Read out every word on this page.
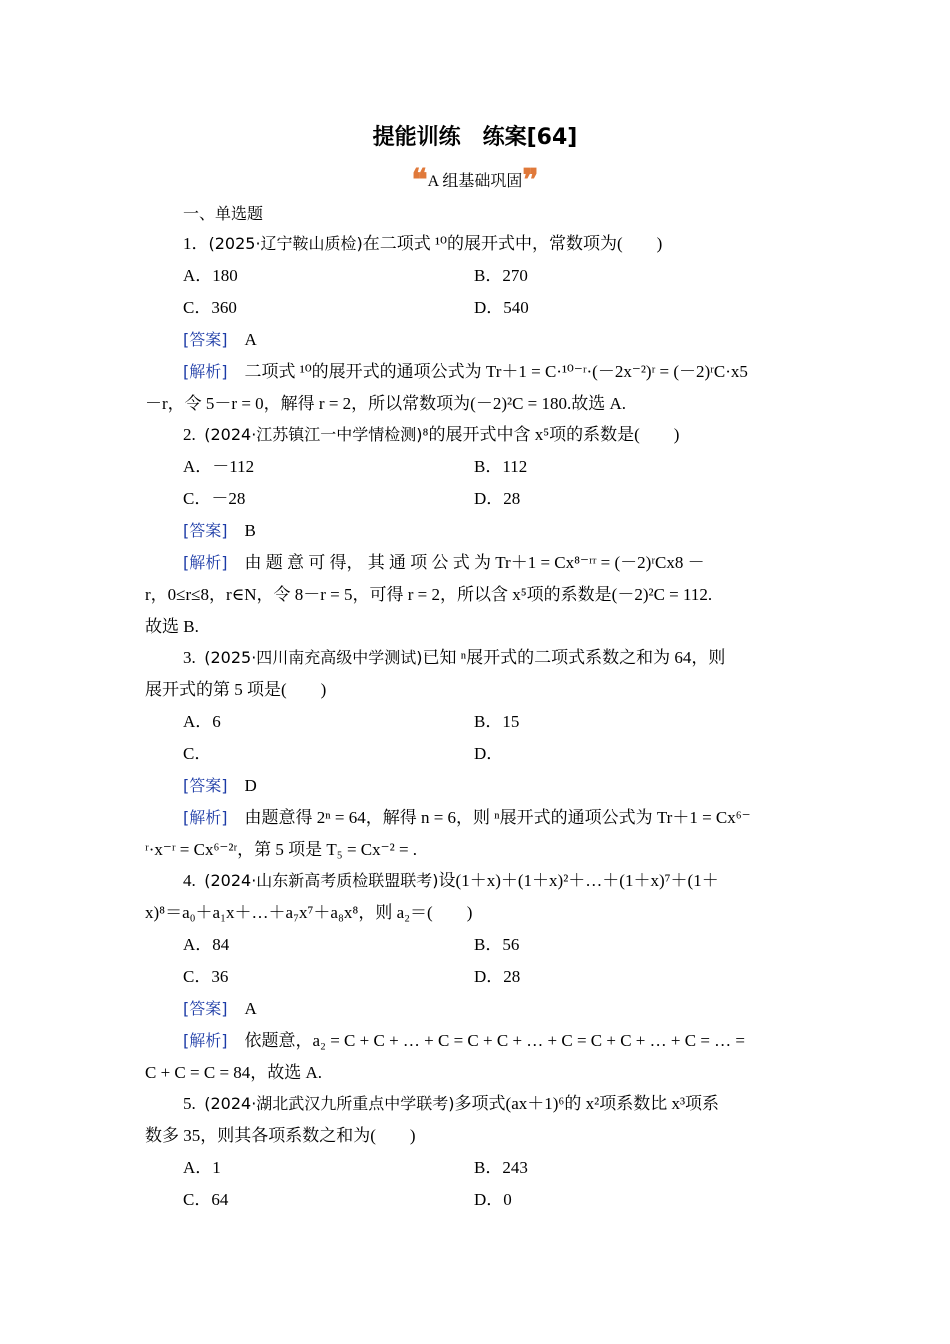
提能训练　练案[64]
❝A 组基础巩固❞
一、单选题
1．(2025·辽宁鞍山质检)在二项式 ¹⁰的展开式中，常数项为(　　)
A．180	B．270
C．360	D．540
[答案]　 A
[解析]　 二项式 ¹⁰的展开式的通项公式为 Tr＋1 = C·¹⁰⁻ʳ·(－2x⁻²)ʳ = (－2)ʳC·x5
－r，令 5－r = 0，解得 r = 2，所以常数项为(－2)²C = 180.故选 A.
2. (2024·江苏镇江一中学情检测)⁸的展开式中含 x⁵项的系数是(　　)
A．－112	B．112
C．－28	D．28
[答案]　 B
[解析]　 由 题 意 可 得， 其 通 项 公 式 为 Tr＋1 = Cx⁸⁻ʳʳ = (－2)ʳCx8 －
r，0≤r≤8，r∈N，令 8－r = 5，可得 r = 2，所以含 x⁵项的系数是(－2)²C = 112.
故选 B.
3. (2025·四川南充高级中学测试)已知 ⁿ展开式的二项式系数之和为 64，则
展开式的第 5 项是(　　)
A．6	B．15
C．	D．
[答案]　 D
[解析]　 由题意得 2ⁿ = 64，解得 n = 6，则 ⁿ展开式的通项公式为 Tr＋1 = Cx⁶⁻
ʳ·x⁻ʳ = Cx⁶⁻²ʳ，第 5 项是 T₅ = Cx⁻² = .
4. (2024·山东新高考质检联盟联考)设(1＋x)＋(1＋x)²＋…＋(1＋x)⁷＋(1＋
x)⁸＝a₀＋a₁x＋…＋a₇x⁷＋a₈x⁸，则 a₂＝(　　)
A．84	B．56
C．36	D．28
[答案]　 A
[解析]　 依题意，a₂ = C + C + … + C = C + C + … + C = C + C + … + C = … =
C + C = C = 84，故选 A.
5. (2024·湖北武汉九所重点中学联考)多项式(ax＋1)⁶的 x²项系数比 x³项系
数多 35，则其各项系数之和为(　　)
A．1	B．243
C．64	D．0
